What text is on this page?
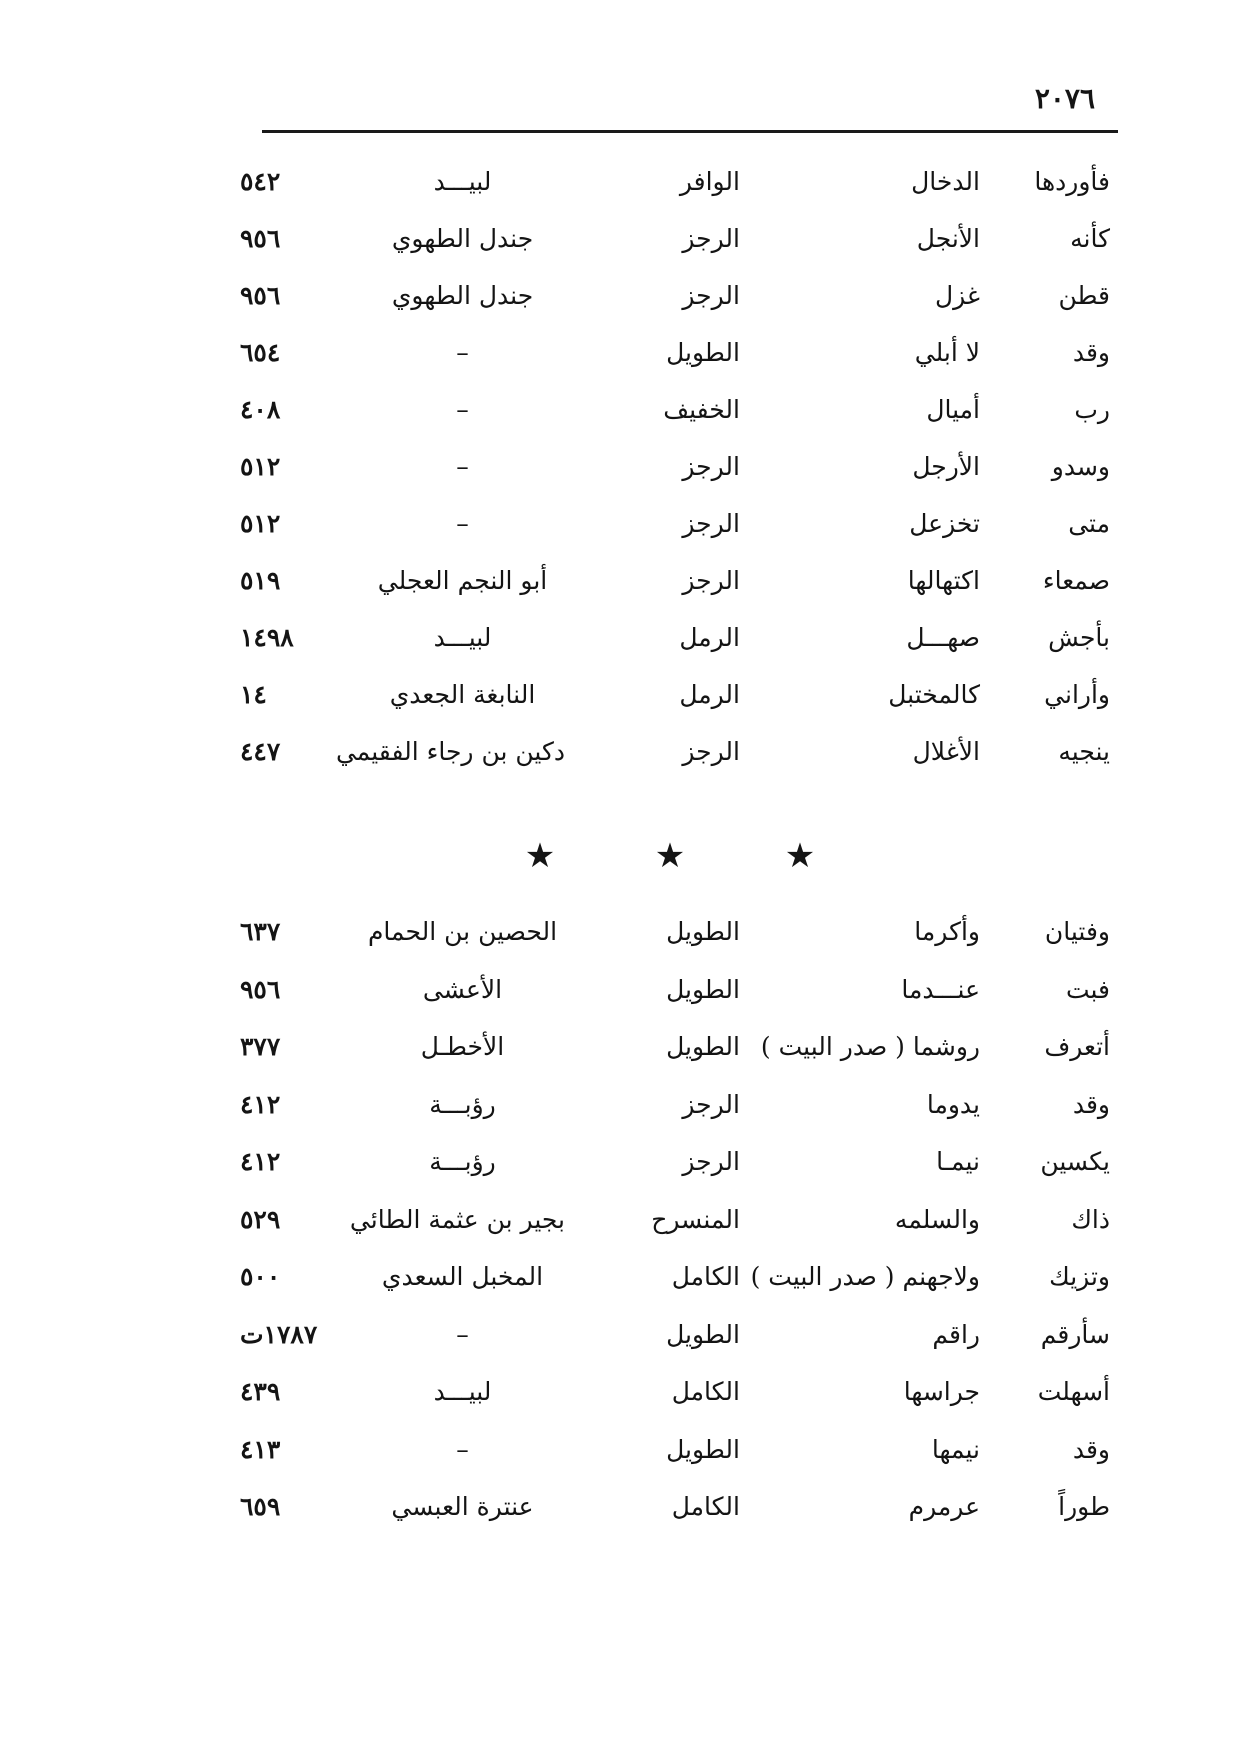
٢٠٧٦
فأوردها
الدخال
الوافر
لبيـــد
٥٤٢
كأنه
الأنجل
الرجز
جندل الطهوي
٩٥٦
قطن
غزل
الرجز
جندل الطهوي
٩٥٦
وقد
لا أبلي
الطويل
–
٦٥٤
رب
أميال
الخفيف
–
٤٠٨
وسدو
الأرجل
الرجز
–
٥١٢
متى
تخزعل
الرجز
–
٥١٢
صمعاء
اكتهالها
الرجز
أبو النجم العجلي
٥١٩
بأجش
صهـــل
الرمل
لبيـــد
١٤٩٨
وأراني
كالمختبل
الرمل
النابغة الجعدي
١٤
ينجيه
الأغلال
الرجز
دكين بن رجاء الفقيمي
٤٤٧
★	★	★
وفتيان
وأكرما
الطويل
الحصين بن الحمام
٦٣٧
فبت
عنـــدما
الطويل
الأعشى
٩٥٦
أتعرف
روشما ( صدر البيت )
الطويل
الأخطـل
٣٧٧
وقد
يدوما
الرجز
رؤبـــة
٤١٢
يكسين
نيمـا
الرجز
رؤبـــة
٤١٢
ذاك
والسلمه
المنسرح
بجير بن عثمة الطائي
٥٢٩
وتزيك
ولاجهنم ( صدر البيت )
الكامل
المخبل السعدي
٥٠٠
سأرقم
راقم
الطويل
–
١٧٨٧ت
أسهلت
جراسها
الكامل
لبيـــد
٤٣٩
وقد
نيمها
الطويل
–
٤١٣
طوراً
عرمرم
الكامل
عنترة العبسي
٦٥٩
